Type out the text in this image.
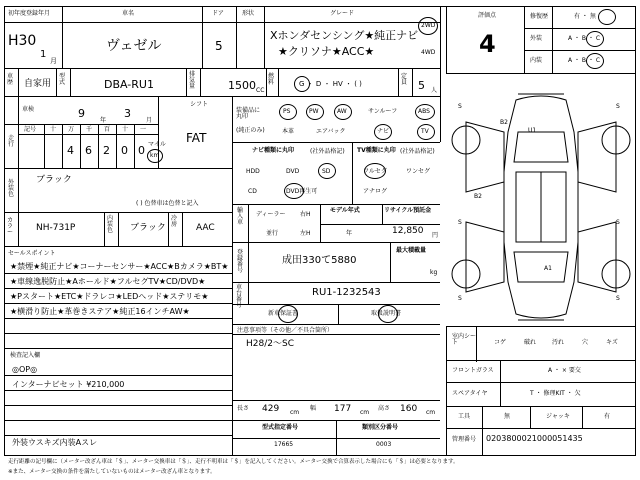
初年度登録年月
H30
1
月
車名
ヴェゼル
ドア
5
形状	グレード
Xホンダセンシング★純正ナビ
★クリソナ★ACC★
2WD
4WD
車歴 自家用
型式	DBA-RU1
排気量	1500 CC
燃料	G ・ D ・ HV ・ ( )
定員 5 人
車検	9
年
3
月
シフト
FAT
走行
記号 十 万 千 百 十 一
4 6 2 0 0 マイル
km
外装色
ブラック
( ) 色替車は色替と記入
カラー	NH-731P
内装色 ブラック
冷房 AAC
セールスポイント
★禁煙★純正ナビ★コーナーセンサー★ACC★Bカメラ★BT★
★車線逸脱防止★Aホールド★フルセグTV★CD/DVD★
★Pスタート★ETC★ドラレコ★LEDヘッド★ステリモ★
★横滑り防止★革巻きステア★純正16インチAW★
検査記入欄
◎OP◎
インターナビセット ¥210,000
外装ウスキズ内装Aスレ
装備品に丸印
(純正のみ)
PS	PW	AW	サンルーフ	ABS
本革	エアバック	ナビ	TV
ナビ種類に丸印	(社外品格記)
HDD	DVD	SD
CD	DVD再生可
TV種類に丸印 (社外品格記)
フルセグ	ワンセグ
アナログ
輸入車
ディーラー
並行
右H
左H
モデル年式
年
リサイクル預託金
12,850 円
最大積載量
kg
登録番号
成田330て5880
車台番号
RU1-1232543
新車保証書	取扱説明書
注意事項等（その他／不具合箇所）
H28/2〜SC
長さ 429 cm
幅 177 cm
高さ 160 cm
型式指定番号
17665
類別区分番号
0003
評価点
4
修復歴	有 ・ 無
外装	A ・ B ・ C
内装	A ・ B ・ C
S	S
S	S
S	S
B2
U1
B2
A1
室内シート	コゲ	破れ	汚れ	穴	キズ
フロントガラス	A ・ × 要交
スペアタイヤ	T ・ 修理KIT ・ 欠
工具	無	ジャッキ	有
管理番号 0203800021000051435
走行距離の記号欄に（メーター改ざん車は「＄」、メーター交換車は「＄」、走行不明車は「＄」を記入してください。メーター交換で合算表示した場合にも「＄」は必要となります。
※また、メーター交換の条件を満たしていないものはメーター改ざん車となります。
